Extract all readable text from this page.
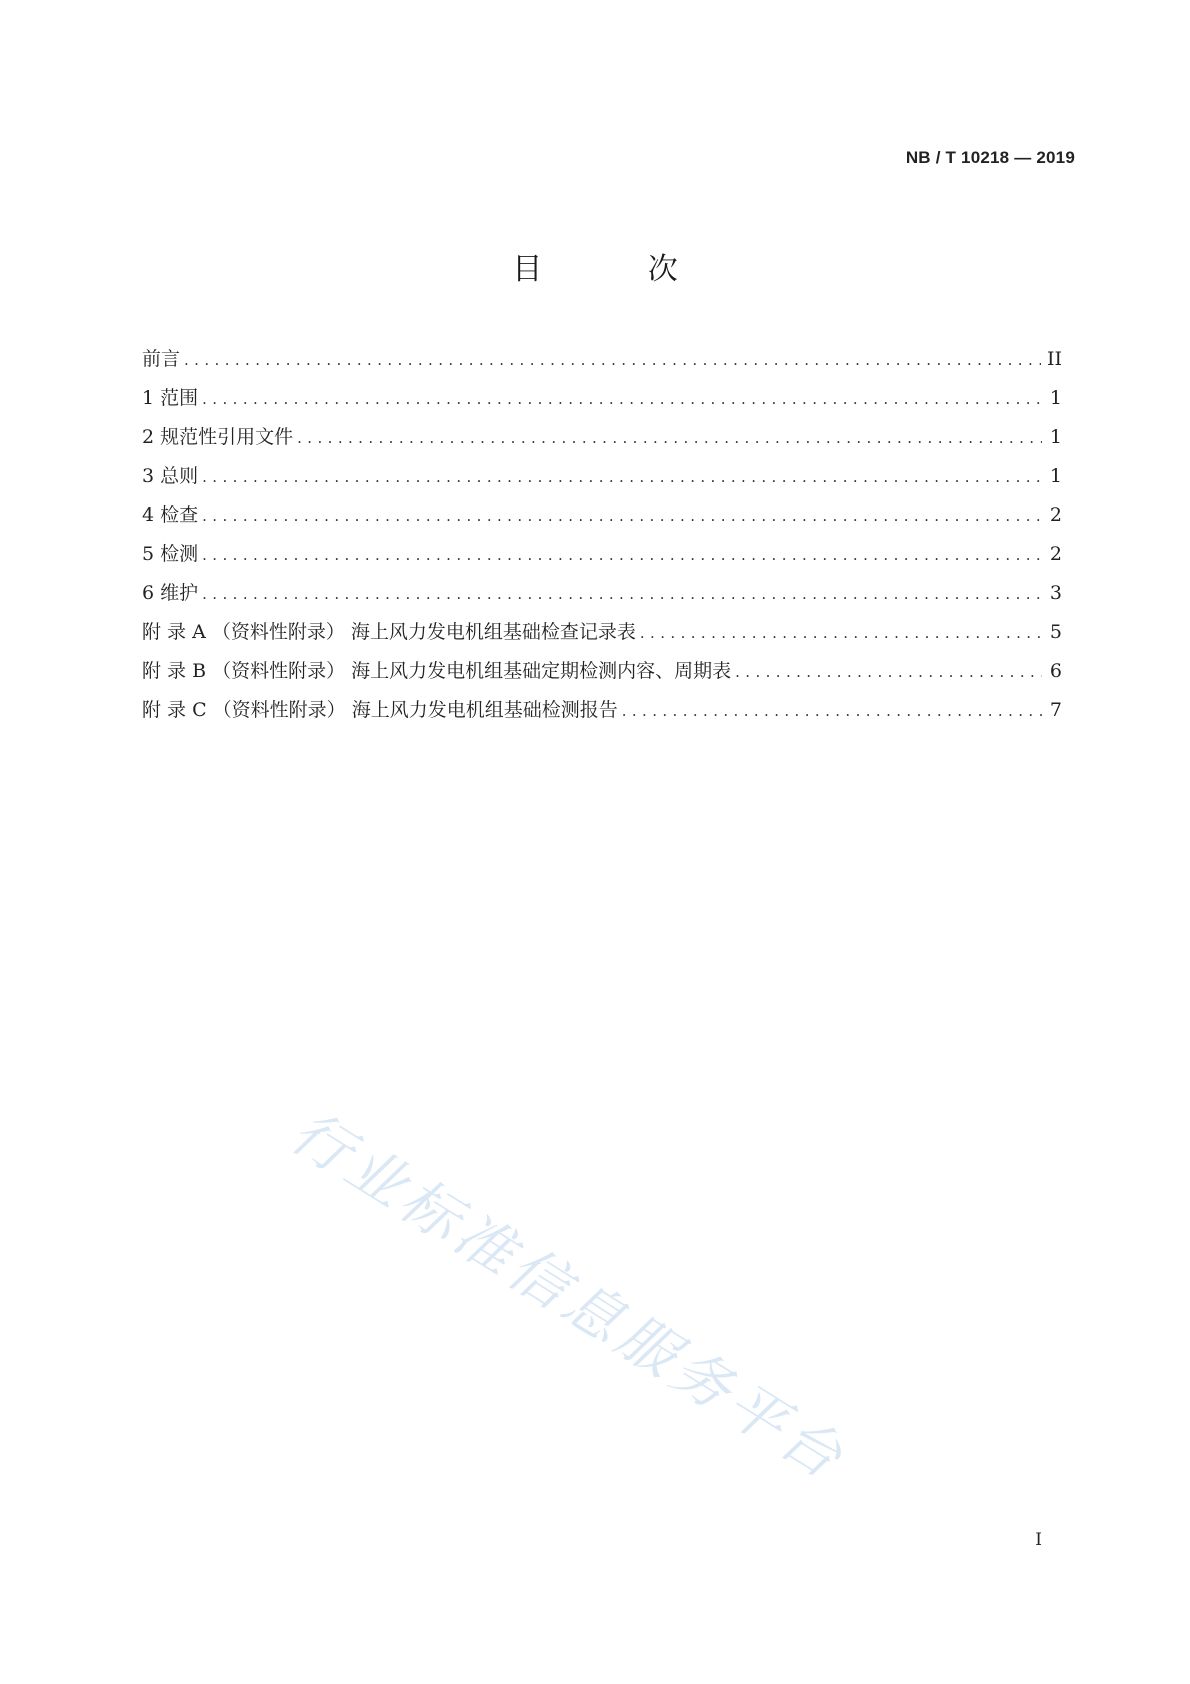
NB / T 10218 — 2019
目 次
前言 .....	II
1 范围 .....	1
2 规范性引用文件 .....	1
3 总则 .....	1
4 检查 .....	2
5 检测 .....	2
6 维护 .....	3
附 录 A （资料性附录） 海上风力发电机组基础检查记录表 .....	5
附 录 B （资料性附录） 海上风力发电机组基础定期检测内容、周期表 .....	6
附 录 C （资料性附录） 海上风力发电机组基础检测报告 .....	7
行业标准信息服务平台
I
